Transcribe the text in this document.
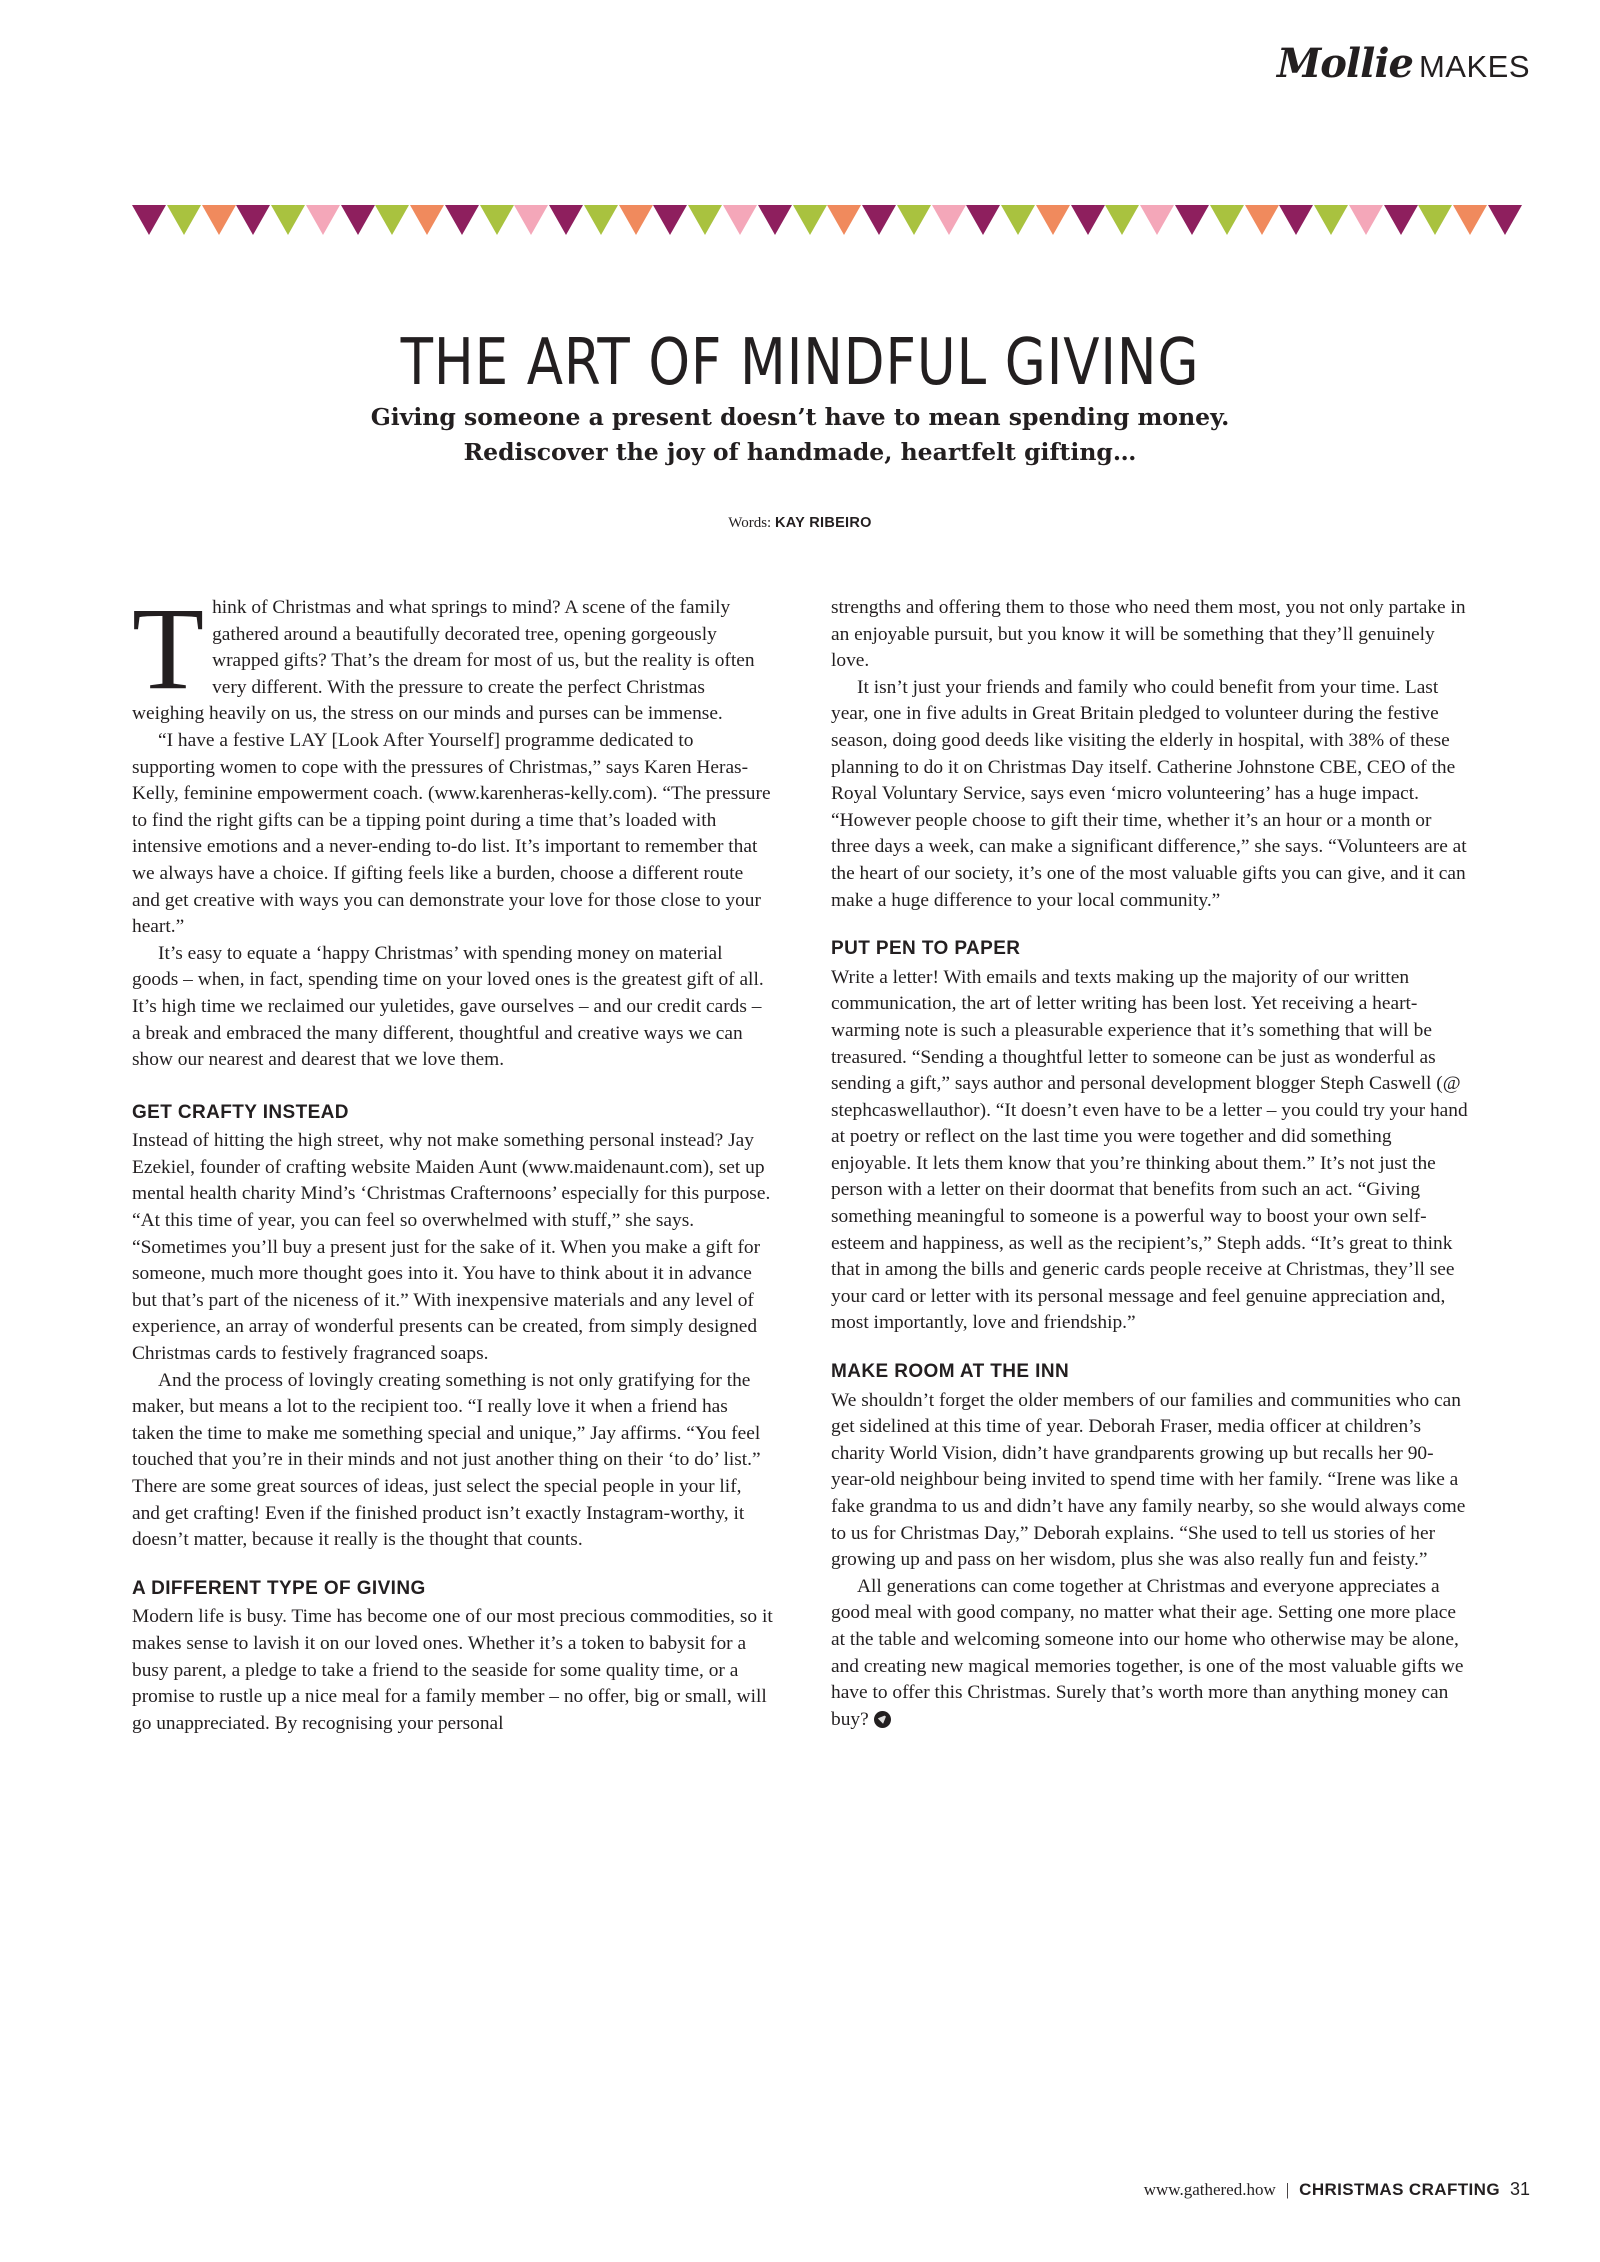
Mollie MAKES
THE ART OF MINDFUL GIVING
Giving someone a present doesn’t have to mean spending money.
Rediscover the joy of handmade, heartfelt gifting…
Words: KAY RIBEIRO

Think of Christmas and what springs to mind? A scene of the family gathered around a beautifully decorated tree, opening gorgeously wrapped gifts? That’s the dream for most of us, but the reality is often very different. With the pressure to create the perfect Christmas weighing heavily on us, the stress on our minds and purses can be immense.

“I have a festive LAY [Look After Yourself] programme dedicated to supporting women to cope with the pressures of Christmas,” says Karen Heras-Kelly, feminine empowerment coach. (www.karenheras-kelly.com). “The pressure to find the right gifts can be a tipping point during a time that’s loaded with intensive emotions and a never-ending to-do list. It’s important to remember that we always have a choice. If gifting feels like a burden, choose a different route and get creative with ways you can demonstrate your love for those close to your heart.”

It’s easy to equate a ‘happy Christmas’ with spending money on material goods – when, in fact, spending time on your loved ones is the greatest gift of all. It’s high time we reclaimed our yuletides, gave ourselves – and our credit cards – a break and embraced the many different, thoughtful and creative ways we can show our nearest and dearest that we love them.

GET CRAFTY INSTEAD

Instead of hitting the high street, why not make something personal instead? Jay Ezekiel, founder of crafting website Maiden Aunt (www.maidenaunt.com), set up mental health charity Mind’s ‘Christmas Crafternoons’ especially for this purpose. “At this time of year, you can feel so overwhelmed with stuff,” she says. “Sometimes you’ll buy a present just for the sake of it. When you make a gift for someone, much more thought goes into it. You have to think about it in advance but that’s part of the niceness of it.” With inexpensive materials and any level of experience, an array of wonderful presents can be created, from simply designed Christmas cards to festively fragranced soaps.

And the process of lovingly creating something is not only gratifying for the maker, but means a lot to the recipient too. “I really love it when a friend has taken the time to make me something special and unique,” Jay affirms. “You feel touched that you’re in their minds and not just another thing on their ‘to do’ list.” There are some great sources of ideas, just select the special people in your lif, and get crafting! Even if the finished product isn’t exactly Instagram-worthy, it doesn’t matter, because it really is the thought that counts.

A DIFFERENT TYPE OF GIVING

Modern life is busy. Time has become one of our most precious commodities, so it makes sense to lavish it on our loved ones. Whether it’s a token to babysit for a busy parent, a pledge to take a friend to the seaside for some quality time, or a promise to rustle up a nice meal for a family member – no offer, big or small, will go unappreciated. By recognising your personal

strengths and offering them to those who need them most, you not only partake in an enjoyable pursuit, but you know it will be something that they’ll genuinely love.

It isn’t just your friends and family who could benefit from your time. Last year, one in five adults in Great Britain pledged to volunteer during the festive season, doing good deeds like visiting the elderly in hospital, with 38% of these planning to do it on Christmas Day itself. Catherine Johnstone CBE, CEO of the Royal Voluntary Service, says even ‘micro volunteering’ has a huge impact. “However people choose to gift their time, whether it’s an hour or a month or three days a week, can make a significant difference,” she says. “Volunteers are at the heart of our society, it’s one of the most valuable gifts you can give, and it can make a huge difference to your local community.”

PUT PEN TO PAPER

Write a letter! With emails and texts making up the majority of our written communication, the art of letter writing has been lost. Yet receiving a heart-warming note is such a pleasurable experience that it’s something that will be treasured. “Sending a thoughtful letter to someone can be just as wonderful as sending a gift,” says author and personal development blogger Steph Caswell (@ stephcaswellauthor). “It doesn’t even have to be a letter – you could try your hand at poetry or reflect on the last time you were together and did something enjoyable. It lets them know that you’re thinking about them.” It’s not just the person with a letter on their doormat that benefits from such an act. “Giving something meaningful to someone is a powerful way to boost your own self-esteem and happiness, as well as the recipient’s,” Steph adds. “It’s great to think that in among the bills and generic cards people receive at Christmas, they’ll see your card or letter with its personal message and feel genuine appreciation and, most importantly, love and friendship.”

MAKE ROOM AT THE INN

We shouldn’t forget the older members of our families and communities who can get sidelined at this time of year. Deborah Fraser, media officer at children’s charity World Vision, didn’t have grandparents growing up but recalls her 90-year-old neighbour being invited to spend time with her family. “Irene was like a fake grandma to us and didn’t have any family nearby, so she would always come to us for Christmas Day,” Deborah explains. “She used to tell us stories of her growing up and pass on her wisdom, plus she was also really fun and feisty.”

All generations can come together at Christmas and everyone appreciates a good meal with good company, no matter what their age. Setting one more place at the table and welcoming someone into our home who otherwise may be alone, and creating new magical memories together, is one of the most valuable gifts we have to offer this Christmas. Surely that’s worth more than anything money can buy?

www.gathered.how | CHRISTMAS CRAFTING 31
